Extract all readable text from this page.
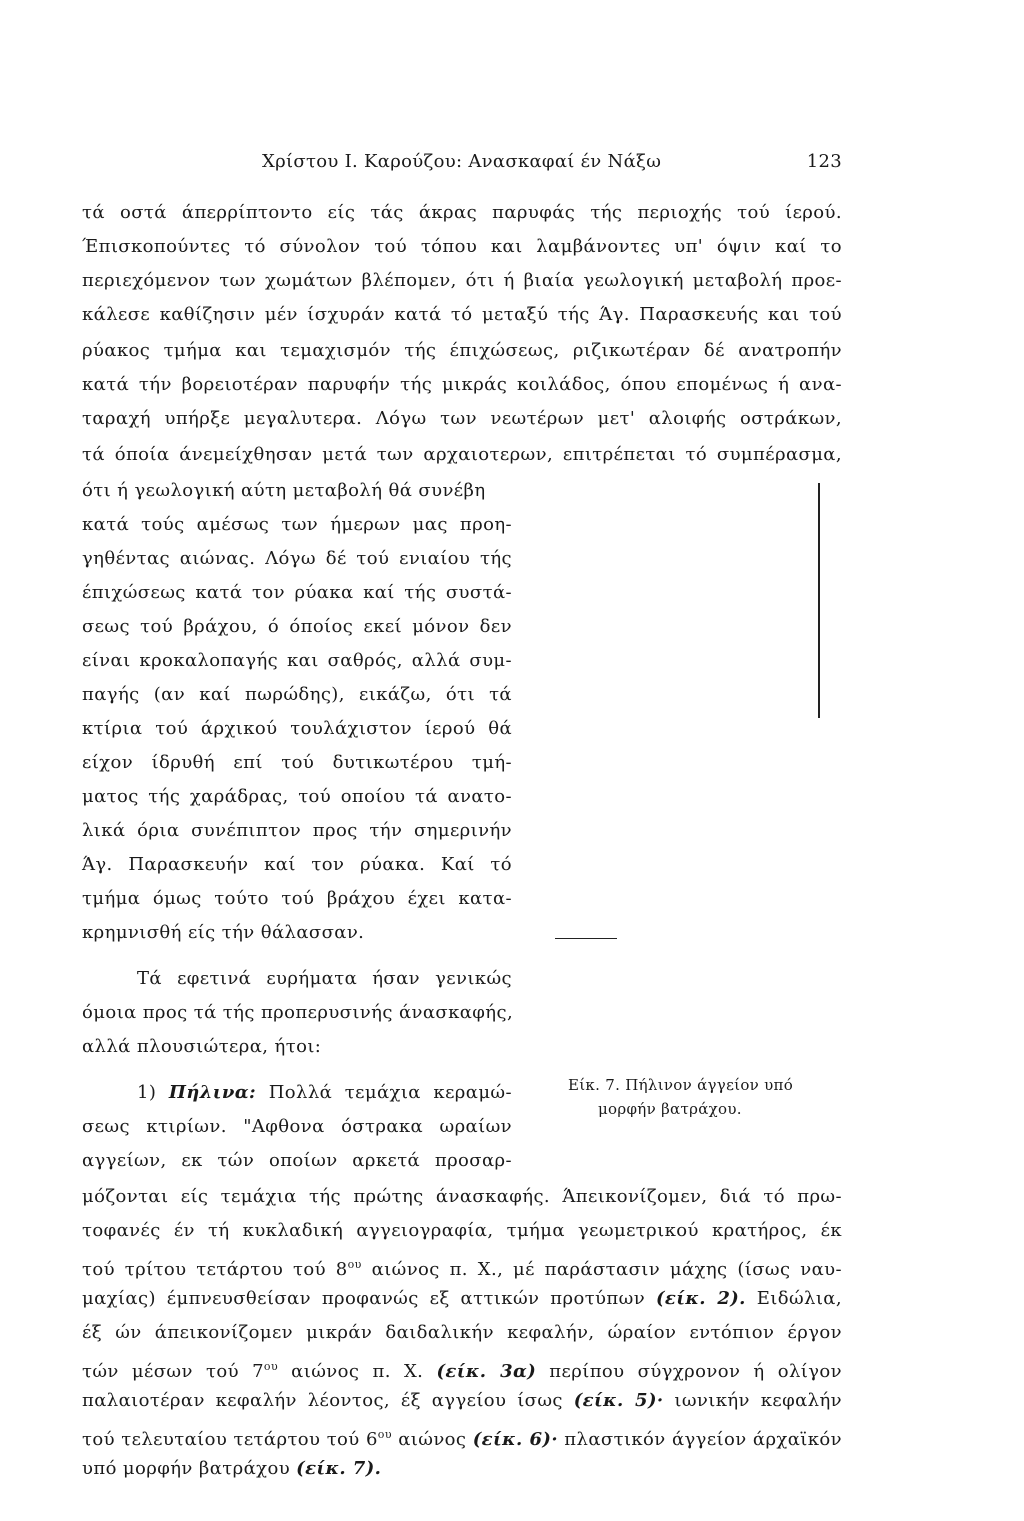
Χρίστου Ι. Καρούζου: Ανασκαφαί έν Νάξω	123
τά οστά άπερρίπτοντο είς τάς άκρας παρυφάς τής περιοχής τού ίερού.
Έπισκοπούντες τό σύνολον τού τόπου και λαμβάνοντες υπ' όψιν καί το
περιεχόμενον των χωμάτων βλέπομεν, ότι ή βιαία γεωλογική μεταβολή προε-
κάλεσε καθίζησιν μέν ίσχυράν κατά τό μεταξύ τής Άγ. Παρασκευής και τού
ρύακος τμήμα και τεμαχισμόν τής έπιχώσεως, ριζικωτέραν δέ ανατροπήν
κατά τήν βορειοτέραν παρυφήν τής μικράς κοιλάδος, όπου επομένως ή ανα-
ταραχή υπήρξε μεγαλυτερα. Λόγω των νεωτέρων μετ' αλοιφής οστράκων,
τά όποία άνεμείχθησαν μετά των αρχαιοτερων, επιτρέπεται τό συμπέρασμα,
ότι ή γεωλογική αύτη μεταβολή θά συνέβη
κατά τούς αμέσως των ήμερων μας προη-
γηθέντας αιώνας. Λόγω δέ τού ενιαίου τής
έπιχώσεως κατά τον ρύακα καί τής συστά-
σεως τού βράχου, ό όποίος εκεί μόνον δεν
είναι κροκαλοπαγής και σαθρός, αλλά συμ-
παγής (αν καί πωρώδης), εικάζω, ότι τά
κτίρια τού άρχικού τουλάχιστον ίερού θά
είχον ίδρυθή επί τού δυτικωτέρου τμή-
ματος τής χαράδρας, τού οποίου τά ανατο-
λικά όρια συνέπιπτον προς τήν σημερινήν
Άγ. Παρασκευήν καί τον ρύακα. Καί τό
τμήμα όμως τούτο τού βράχου έχει κατα-
κρημνισθή είς τήν θάλασσαν.
Τά εφετινά ευρήματα ήσαν γενικώς
όμοια προς τά τής προπερυσινής άνασκαφής,
αλλά πλουσιώτερα, ήτοι:
1) Πήλινα: Πολλά τεμάχια κεραμώ-
σεως κτιρίων. "Αφθονα όστρακα ωραίων
αγγείων, εκ τών οποίων αρκετά προσαρ-
μόζονται είς τεμάχια τής πρώτης άνασκαφής. Άπεικονίζομεν, διά τό πρω-
τοφανές έν τή κυκλαδική αγγειογραφία, τμήμα γεωμετρικού κρατήρος, έκ
τού τρίτου τετάρτου τού $8^{o\upsilon}$ αιώνος π. Χ., μέ παράστασιν μάχης (ίσως ναυ-
μαχίας) έμπνευσθείσαν προφανώς εξ αττικών προτύπων (είκ. 2). Ειδώλια,
έξ ών άπεικονίζομεν μικράν δαιδαλικήν κεφαλήν, ώραίον εντόπιον έργον
τών μέσων τού $7^{o\upsilon}$ αιώνος π. Χ. (είκ. 3α) περίπου σύγχρονον ή ολίγον
παλαιοτέραν κεφαλήν λέοντος, έξ αγγείου ίσως (είκ. 5)· ιωνικήν κεφαλήν
τού τελευταίου τετάρτου τού $6^{o\upsilon}$ αιώνος (είκ. 6)· πλαστικόν άγγείον άρχαϊκόν
υπό μορφήν βατράχου (είκ. 7).
Είκ. 7. Πήλινον άγγείον υπό
μορφήν βατράχου.
